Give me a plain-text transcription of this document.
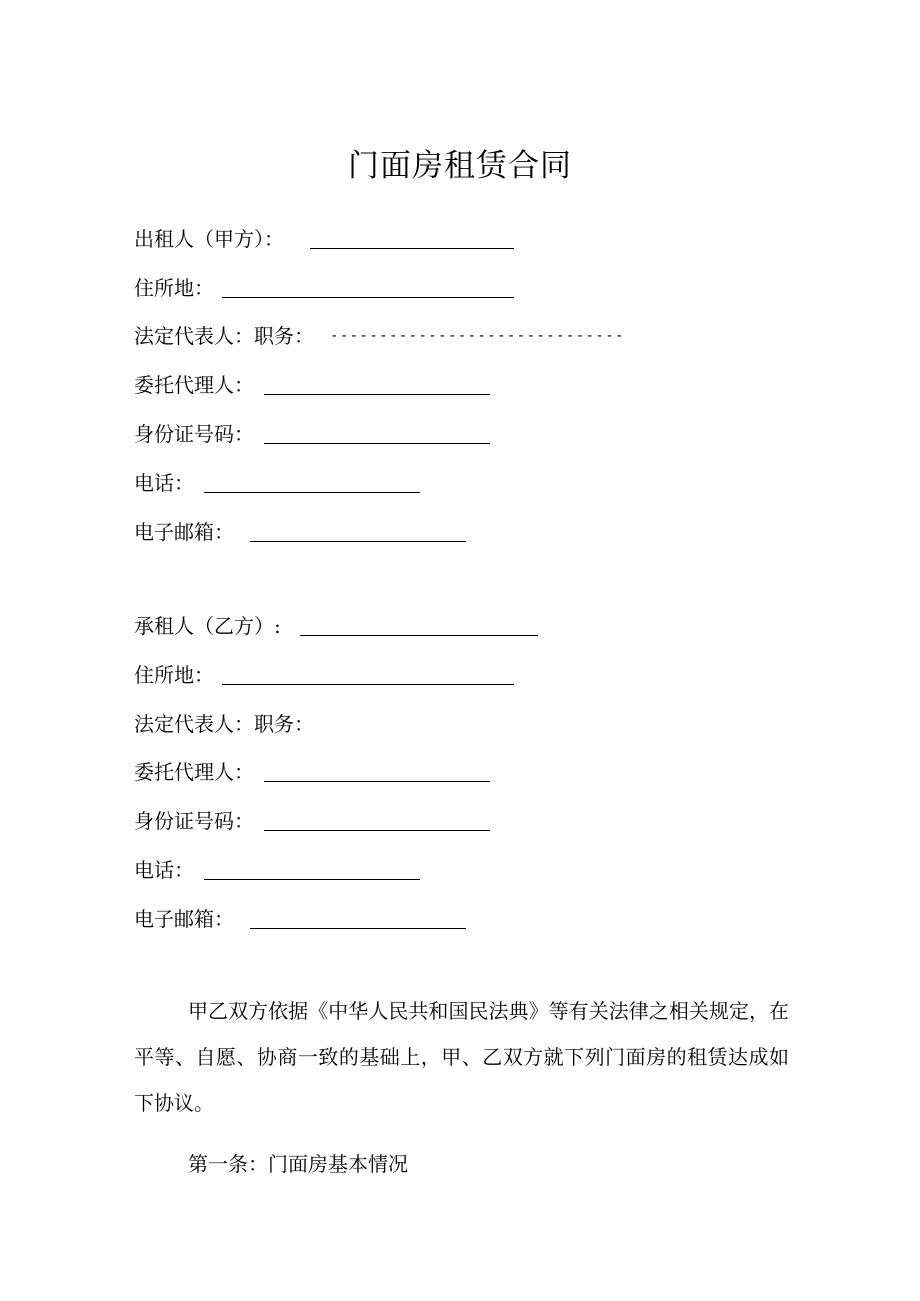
门面房租赁合同
出租人（甲方）：
住所地：
法定代表人：职务： ------------------------------
委托代理人：
身份证号码：
电话：
电子邮箱：
承租人（乙方）:
住所地：
法定代表人：职务：
委托代理人：
身份证号码：
电话：
电子邮箱：

甲乙双方依据《中华人民共和国民法典》等有关法律之相关规定，在平等、自愿、协商一致的基础上，甲、乙双方就下列门面房的租赁达成如下协议。

第一条：门面房基本情况
